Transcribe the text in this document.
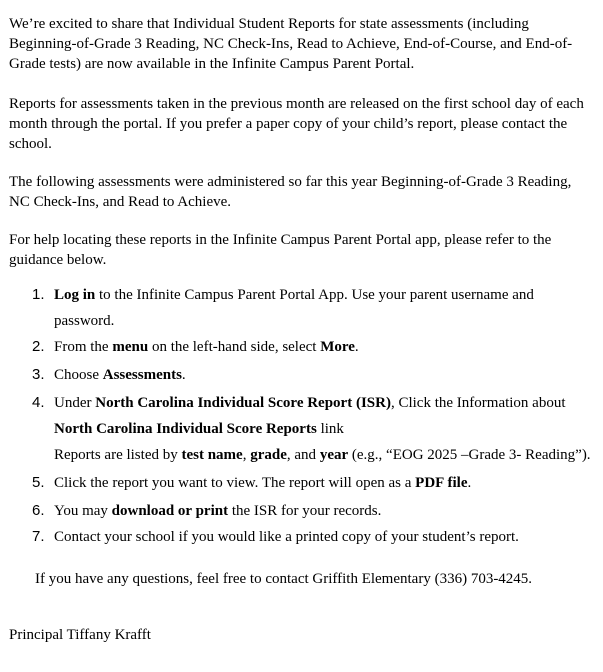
We’re excited to share that Individual Student Reports for state assessments (including Beginning-of-Grade 3 Reading, NC Check-Ins, Read to Achieve, End-of-Course, and End-of-Grade tests) are now available in the Infinite Campus Parent Portal.

Reports for assessments taken in the previous month are released on the first school day of each month through the portal. If you prefer a paper copy of your child’s report, please contact the school.

The following assessments were administered so far this year Beginning-of-Grade 3 Reading, NC Check-Ins, and Read to Achieve.

For help locating these reports in the Infinite Campus Parent Portal app, please refer to the guidance below.

1. Log in to the Infinite Campus Parent Portal App. Use your parent username and
password.
2. From the menu on the left-hand side, select More.
3. Choose Assessments.
4. Under North Carolina Individual Score Report (ISR), Click the Information about
North Carolina Individual Score Reports link
Reports are listed by test name, grade, and year (e.g., “EOG 2025 –Grade 3- Reading”).
5. Click the report you want to view. The report will open as a PDF file.
6. You may download or print the ISR for your records.
7. Contact your school if you would like a printed copy of your student’s report.
If you have any questions, feel free to contact Griffith Elementary (336) 703-4245.
Principal Tiffany Krafft
